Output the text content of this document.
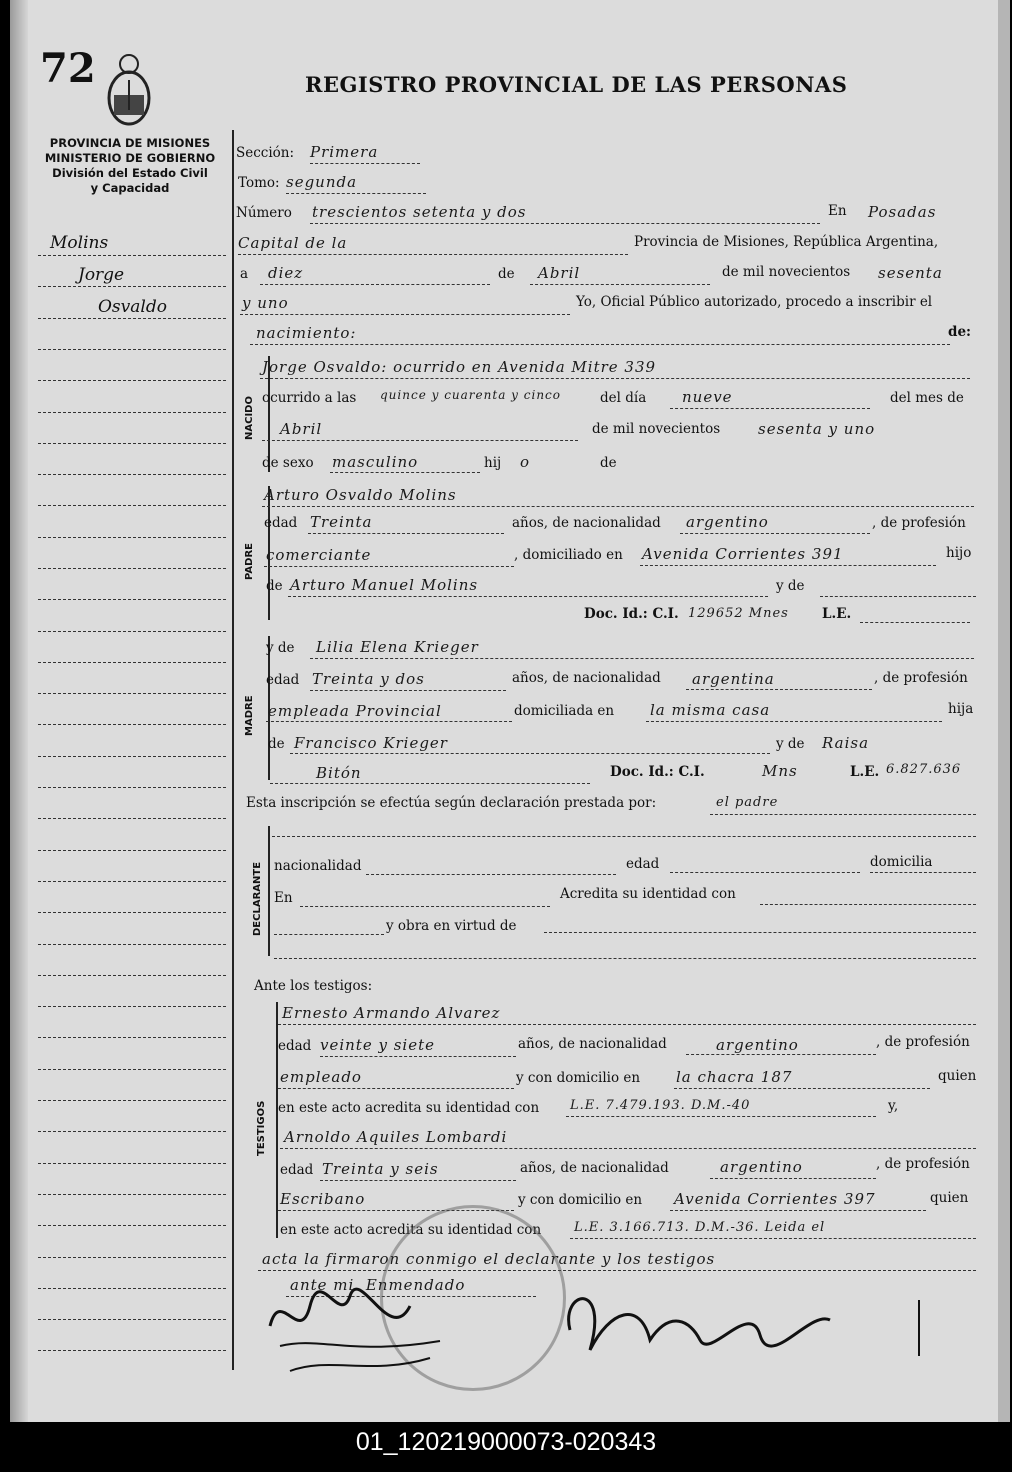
72	REGISTRO PROVINCIAL DE LAS PERSONAS
PROVINCIA DE MISIONES
MINISTERIO DE GOBIERNO
División del Estado Civil
y Capacidad
Molins
Jorge
Osvaldo
Sección: Primera
Tomo: segunda
Número trescientos setenta y dos	En Posadas
Capital de la	Provincia de Misiones, República Argentina,
a diez	de Abril	de mil novecientos sesenta
y uno	Yo, Oficial Público autorizado, procedo a inscribir el
nacimiento:	de:
NACIDO
Jorge Osvaldo: ocurrido en Avenida Mitre 339
ocurrido a las quince y cuarenta y cinco	del día nueve	del mes de
Abril	de mil novecientos	sesenta y uno
de sexo masculino	hij o	de
PADRE
Arturo Osvaldo Molins
edad Treinta	años, de nacionalidad argentino	, de profesión
comerciante	, domiciliado en Avenida Corrientes 391	hijo
de Arturo Manuel Molins	y de
Doc. Id.: C.I. 129652 Mnes L.E.
MADRE
y de Lilia Elena Krieger
edad Treinta y dos	años, de nacionalidad argentina	, de profesión
empleada Provincial	domiciliada en la misma casa	hija
de Francisco Krieger	y de Raisa
Bitón	Doc. Id.: C.I.	Mns	L.E. 6.827.636
Esta inscripción se efectúa según declaración prestada por:	el padre
DECLARANTE nacionalidad	edad	domicilia
En	Acredita su identidad con
y obra en virtud de
Ante los testigos:
TESTIGOS
Ernesto Armando Alvarez
edad veinte y siete	años, de nacionalidad	argentino	, de profesión
empleado	y con domicilio en la chacra 187	quien
en este acto acredita su identidad con L.E. 7.479.193. D.M.-40	y,
Arnoldo Aquiles Lombardi
edad Treinta y seis	años, de nacionalidad	argentino	, de profesión
Escribano	y con domicilio en Avenida Corrientes 397	quien
en este acto acredita su identidad con	L.E. 3.166.713. D.M.-36. Leida el
acta la firmaron conmigo el declarante y los testigos
ante mi. Enmendado
01_120219000073-020343
